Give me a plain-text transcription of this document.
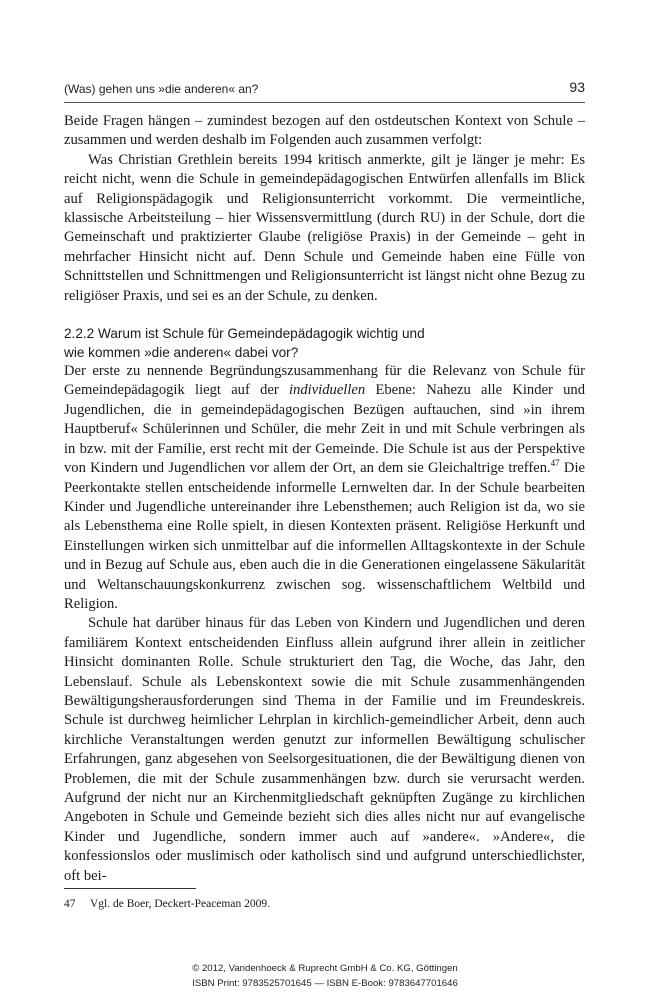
(Was) gehen uns »die anderen« an?	93

Beide Fragen hängen – zumindest bezogen auf den ostdeutschen Kontext von Schule – zusammen und werden deshalb im Folgenden auch zusammen verfolgt:

Was Christian Grethlein bereits 1994 kritisch anmerkte, gilt je länger je mehr: Es reicht nicht, wenn die Schule in gemeindepädagogischen Entwürfen allenfalls im Blick auf Religionspädagogik und Religionsunterricht vorkommt. Die vermeintliche, klassische Arbeitsteilung – hier Wissensvermittlung (durch RU) in der Schule, dort die Gemeinschaft und praktizierter Glaube (religiöse Praxis) in der Gemeinde – geht in mehrfacher Hinsicht nicht auf. Denn Schule und Gemeinde haben eine Fülle von Schnittstellen und Schnittmengen und Religionsunterricht ist längst nicht ohne Bezug zu religiöser Praxis, und sei es an der Schule, zu denken.

2.2.2 Warum ist Schule für Gemeindepädagogik wichtig und
wie kommen »die anderen« dabei vor?

Der erste zu nennende Begründungszusammenhang für die Relevanz von Schule für Gemeindepädagogik liegt auf der individuellen Ebene: Nahezu alle Kinder und Jugendlichen, die in gemeindepädagogischen Bezügen auftauchen, sind »in ihrem Hauptberuf« Schülerinnen und Schüler, die mehr Zeit in und mit Schule verbringen als in bzw. mit der Familie, erst recht mit der Gemeinde. Die Schule ist aus der Perspektive von Kindern und Jugendlichen vor allem der Ort, an dem sie Gleichaltrige treffen.$^{47}$ Die Peerkontakte stellen entscheidende informelle Lernwelten dar. In der Schule bearbeiten Kinder und Jugendliche untereinander ihre Lebensthemen; auch Religion ist da, wo sie als Lebensthema eine Rolle spielt, in diesen Kontexten präsent. Religiöse Herkunft und Einstellungen wirken sich unmittelbar auf die informellen Alltagskontexte in der Schule und in Bezug auf Schule aus, eben auch die in die Generationen eingelassene Säkularität und Weltanschauungskonkurrenz zwischen sog. wissenschaftlichem Weltbild und Religion.

Schule hat darüber hinaus für das Leben von Kindern und Jugendlichen und deren familiärem Kontext entscheidenden Einfluss allein aufgrund ihrer allein in zeitlicher Hinsicht dominanten Rolle. Schule strukturiert den Tag, die Woche, das Jahr, den Lebenslauf. Schule als Lebenskontext sowie die mit Schule zusammenhängenden Bewältigungsherausforderungen sind Thema in der Familie und im Freundeskreis. Schule ist durchweg heimlicher Lehrplan in kirchlich-gemeindlicher Arbeit, denn auch kirchliche Veranstaltungen werden genutzt zur informellen Bewältigung schulischer Erfahrungen, ganz abgesehen von Seelsorgesituationen, die der Bewältigung dienen von Problemen, die mit der Schule zusammenhängen bzw. durch sie verursacht werden. Aufgrund der nicht nur an Kirchenmitgliedschaft geknüpften Zugänge zu kirchlichen Angeboten in Schule und Gemeinde bezieht sich dies alles nicht nur auf evangelische Kinder und Jugendliche, sondern immer auch auf »andere«. »Andere«, die konfessionslos oder muslimisch oder katholisch sind und aufgrund unterschiedlichster, oft bei-

47 Vgl. de Boer, Deckert-Peaceman 2009.
© 2012, Vandenhoeck & Ruprecht GmbH & Co. KG, Göttingen
ISBN Print: 9783525701645 — ISBN E-Book: 9783647701646
